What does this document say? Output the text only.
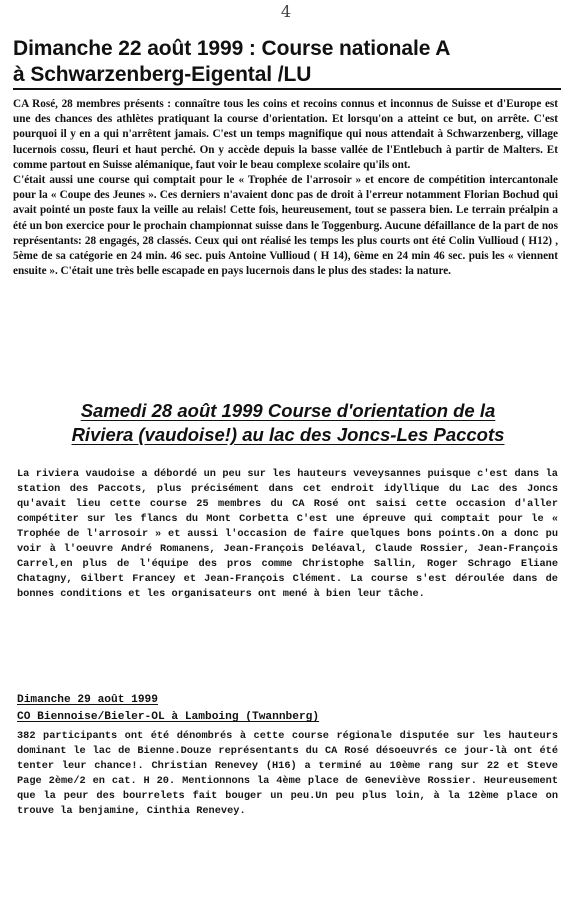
4
Dimanche 22 août 1999 : Course nationale A
à Schwarzenberg-Eigental /LU

CA Rosé, 28 membres présents : connaître tous les coins et recoins connus et inconnus de Suisse et d'Europe est une des chances des athlètes pratiquant la course d'orientation. Et lorsqu'on a atteint ce but, on arrête. C'est pourquoi il y en a qui n'arrêtent jamais. C'est un temps magnifique qui nous attendait à Schwarzenberg, village lucernois cossu, fleuri et haut perché. On y accède depuis la basse vallée de l'Entlebuch à partir de Malters. Et comme partout en Suisse alémanique, faut voir le beau complexe scolaire qu'ils ont.

C'était aussi une course qui comptait pour le « Trophée de l'arrosoir » et encore de compétition intercantonale pour la « Coupe des Jeunes ». Ces derniers n'avaient donc pas de droit à l'erreur notamment Florian Bochud qui avait pointé un poste faux la veille au relais! Cette fois, heureusement, tout se passera bien. Le terrain préalpin a été un bon exercice pour le prochain championnat suisse dans le Toggenburg. Aucune défaillance de la part de nos représentants: 28 engagés, 28 classés. Ceux qui ont réalisé les temps les plus courts ont été Colin Vullioud ( H12) , 5ème de sa catégorie en 24 min. 46 sec. puis Antoine Vullioud ( H 14), 6ème en 24 min 46 sec. puis les « viennent ensuite ». C'était une très belle escapade en pays lucernois dans le plus des stades: la nature.

Samedi 28 août 1999 Course d'orientation de la
Riviera (vaudoise!) au lac des Joncs-Les Paccots

La riviera vaudoise a débordé un peu sur les hauteurs veveysannes puisque c'est dans la station des Paccots, plus précisément dans cet endroit idyllique du Lac des Joncs qu'avait lieu cette course 25 membres du CA Rosé ont saisi cette occasion d'aller compétiter sur les flancs du Mont Corbetta C'est une épreuve qui comptait pour le « Trophée de l'arrosoir » et aussi l'occasion de faire quelques bons points.On a donc pu voir à l'oeuvre André Romanens, Jean-François Deléaval, Claude Rossier, Jean-François Carrel,en plus de l'équipe des pros comme Christophe Sallin, Roger Schrago Eliane Chatagny, Gilbert Francey et Jean-François Clément. La course s'est déroulée dans de bonnes conditions et les organisateurs ont mené à bien leur tâche.

Dimanche 29 août 1999
CO Biennoise/Bieler-OL à Lamboing (Twannberg)

382 participants ont été dénombrés à cette course régionale disputée sur les hauteurs dominant le lac de Bienne.Douze représentants du CA Rosé désoeuvrés ce jour-là ont été tenter leur chance!. Christian Renevey (H16) a terminé au 10ème rang sur 22 et Steve Page 2ème/2 en cat. H 20. Mentionnons la 4ème place de Geneviève Rossier. Heureusement que la peur des bourrelets fait bouger un peu.Un peu plus loin, à la 12ème place on trouve la benjamine, Cinthia Renevey.
